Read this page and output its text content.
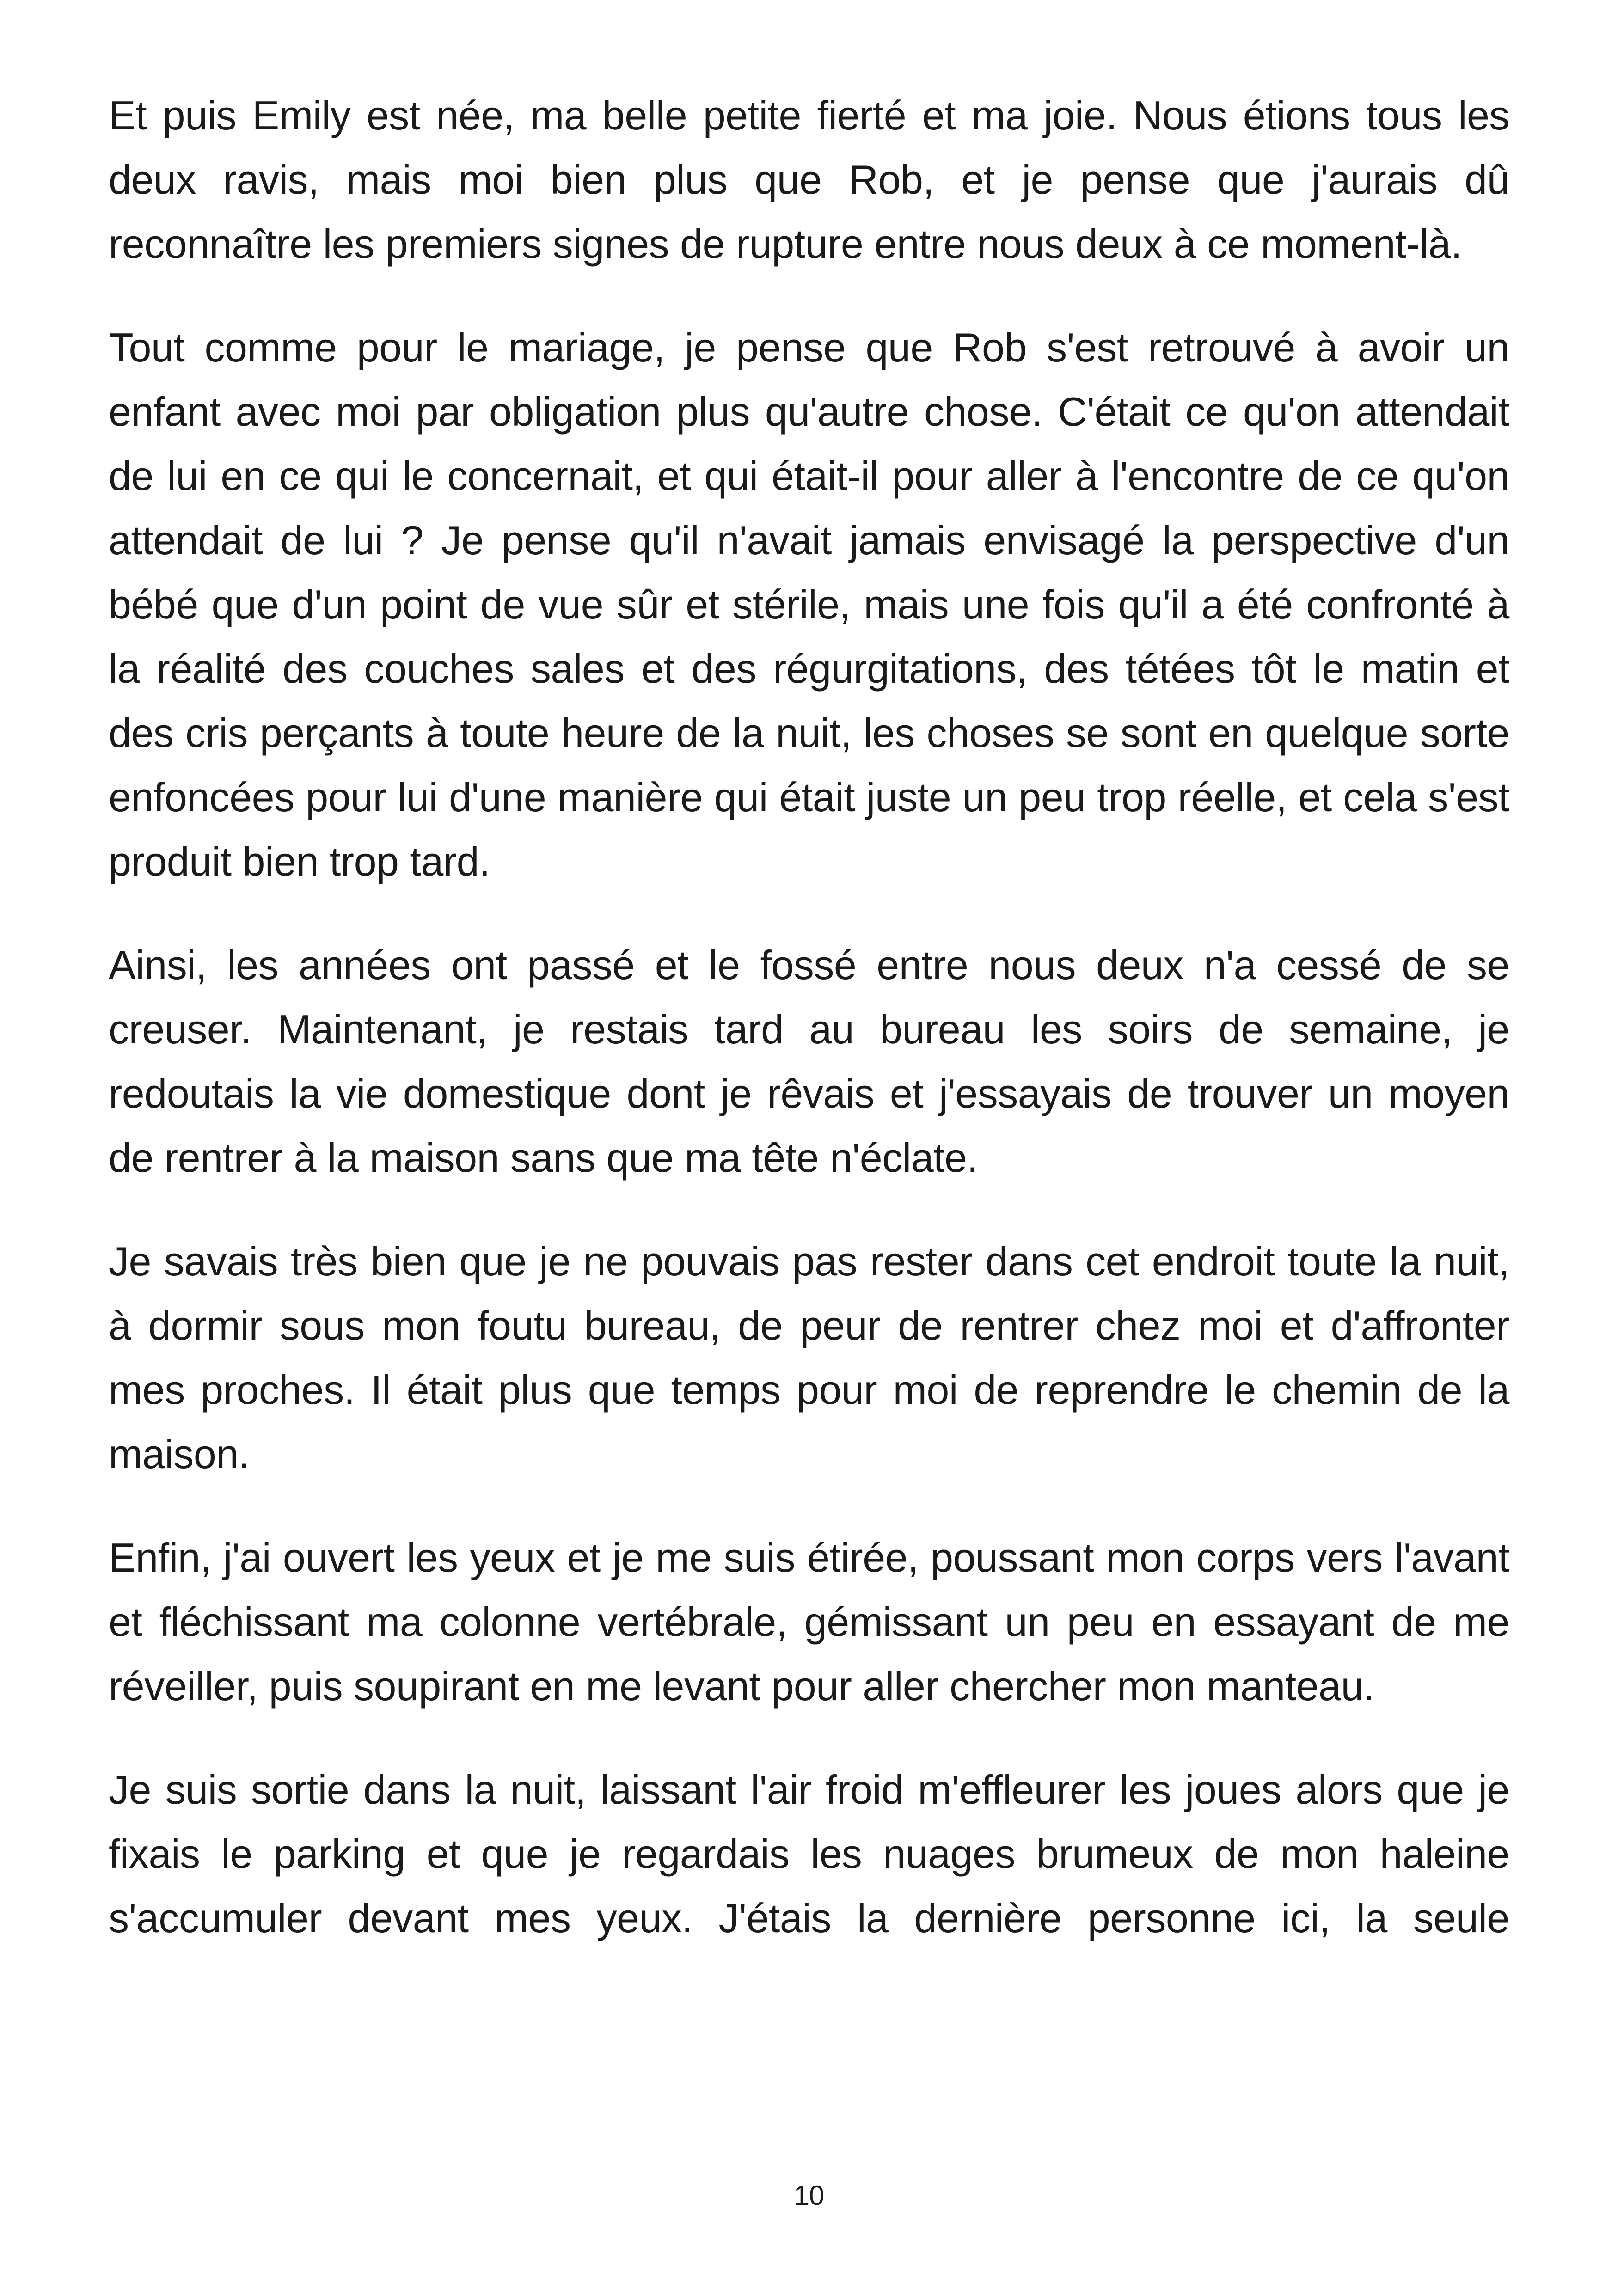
Et puis Emily est née, ma belle petite fierté et ma joie. Nous étions tous les deux ravis, mais moi bien plus que Rob, et je pense que j'aurais dû reconnaître les premiers signes de rupture entre nous deux à ce moment-là.

Tout comme pour le mariage, je pense que Rob s'est retrouvé à avoir un enfant avec moi par obligation plus qu'autre chose. C'était ce qu'on attendait de lui en ce qui le concernait, et qui était-il pour aller à l'encontre de ce qu'on attendait de lui ? Je pense qu'il n'avait jamais envisagé la perspective d'un bébé que d'un point de vue sûr et stérile, mais une fois qu'il a été confronté à la réalité des couches sales et des régurgitations, des tétées tôt le matin et des cris perçants à toute heure de la nuit, les choses se sont en quelque sorte enfoncées pour lui d'une manière qui était juste un peu trop réelle, et cela s'est produit bien trop tard.

Ainsi, les années ont passé et le fossé entre nous deux n'a cessé de se creuser. Maintenant, je restais tard au bureau les soirs de semaine, je redoutais la vie domestique dont je rêvais et j'essayais de trouver un moyen de rentrer à la maison sans que ma tête n'éclate.

Je savais très bien que je ne pouvais pas rester dans cet endroit toute la nuit, à dormir sous mon foutu bureau, de peur de rentrer chez moi et d'affronter mes proches. Il était plus que temps pour moi de reprendre le chemin de la maison.

Enfin, j'ai ouvert les yeux et je me suis étirée, poussant mon corps vers l'avant et fléchissant ma colonne vertébrale, gémissant un peu en essayant de me réveiller, puis soupirant en me levant pour aller chercher mon manteau.

Je suis sortie dans la nuit, laissant l'air froid m'effleurer les joues alors que je fixais le parking et que je regardais les nuages brumeux de mon haleine s'accumuler devant mes yeux. J'étais la dernière personne ici, la seule

10
